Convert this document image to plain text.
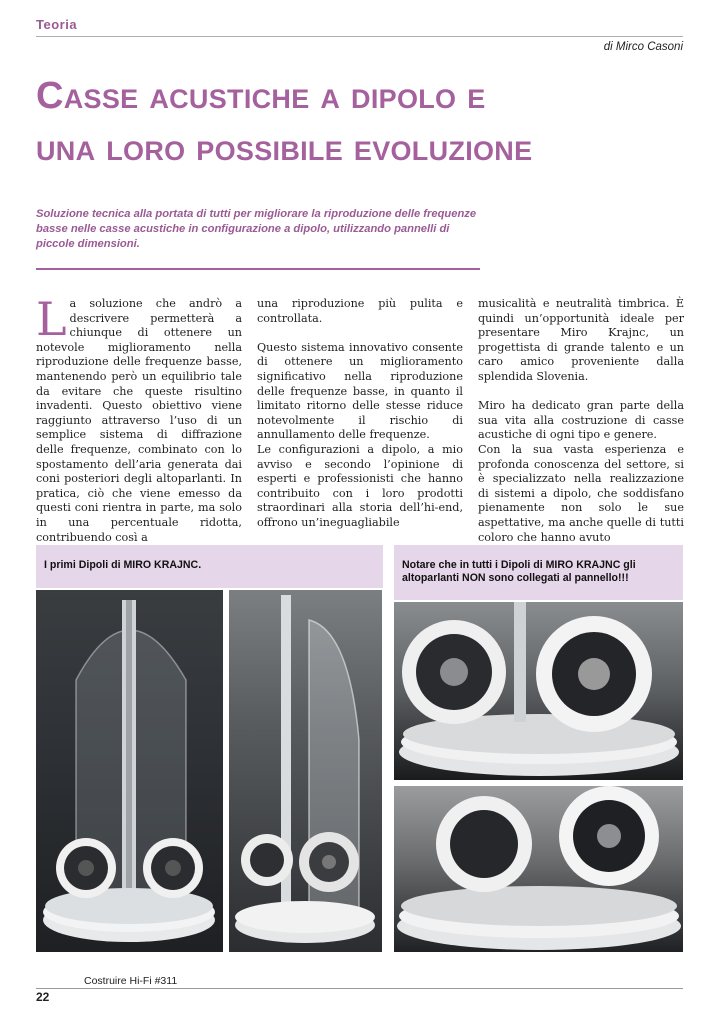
Teoria
di Mirco Casoni
Casse acustiche a dipolo e
una loro possibile evoluzione
Soluzione tecnica alla portata di tutti per migliorare la riproduzione delle frequenze basse nelle casse acustiche in configurazione a dipolo, utilizzando pannelli di piccole dimensioni.

La soluzione che andrò a descrivere permetterà a chiunque di ottenere un notevole miglioramento nella riproduzione delle frequenze basse, mantenendo però un equilibrio tale da evitare che queste risultino invadenti. Questo obiettivo viene raggiunto attraverso l’uso di un semplice sistema di diffrazione delle frequenze, combinato con lo spostamento dell’aria generata dai coni posteriori degli altoparlanti. In pratica, ciò che viene emesso da questi coni rientra in parte, ma solo in una percentuale ridotta, contribuendo così a

una riproduzione più pulita e controllata.

Questo sistema innovativo consente di ottenere un miglioramento significativo nella riproduzione delle frequenze basse, in quanto il limitato ritorno delle stesse riduce notevolmente il rischio di annullamento delle frequenze.

Le configurazioni a dipolo, a mio avviso e secondo l’opinione di esperti e professionisti che hanno contribuito con i loro prodotti straordinari alla storia dell’hi-end, offrono un’ineguagliabile

musicalità e neutralità timbrica. È quindi un’opportunità ideale per presentare Miro Krajnc, un progettista di grande talento e un caro amico proveniente dalla splendida Slovenia.

Miro ha dedicato gran parte della sua vita alla costruzione di casse acustiche di ogni tipo e genere.

Con la sua vasta esperienza e profonda conoscenza del settore, si è specializzato nella realizzazione di sistemi a dipolo, che soddisfano pienamente non solo le sue aspettative, ma anche quelle di tutti coloro che hanno avuto

I primi Dipoli di MIRO KRAJNC.	Notare che in tutti i Dipoli di MIRO KRAJNC gli altoparlanti NON sono collegati al pannello!!!
Costruire Hi-Fi #311
22
